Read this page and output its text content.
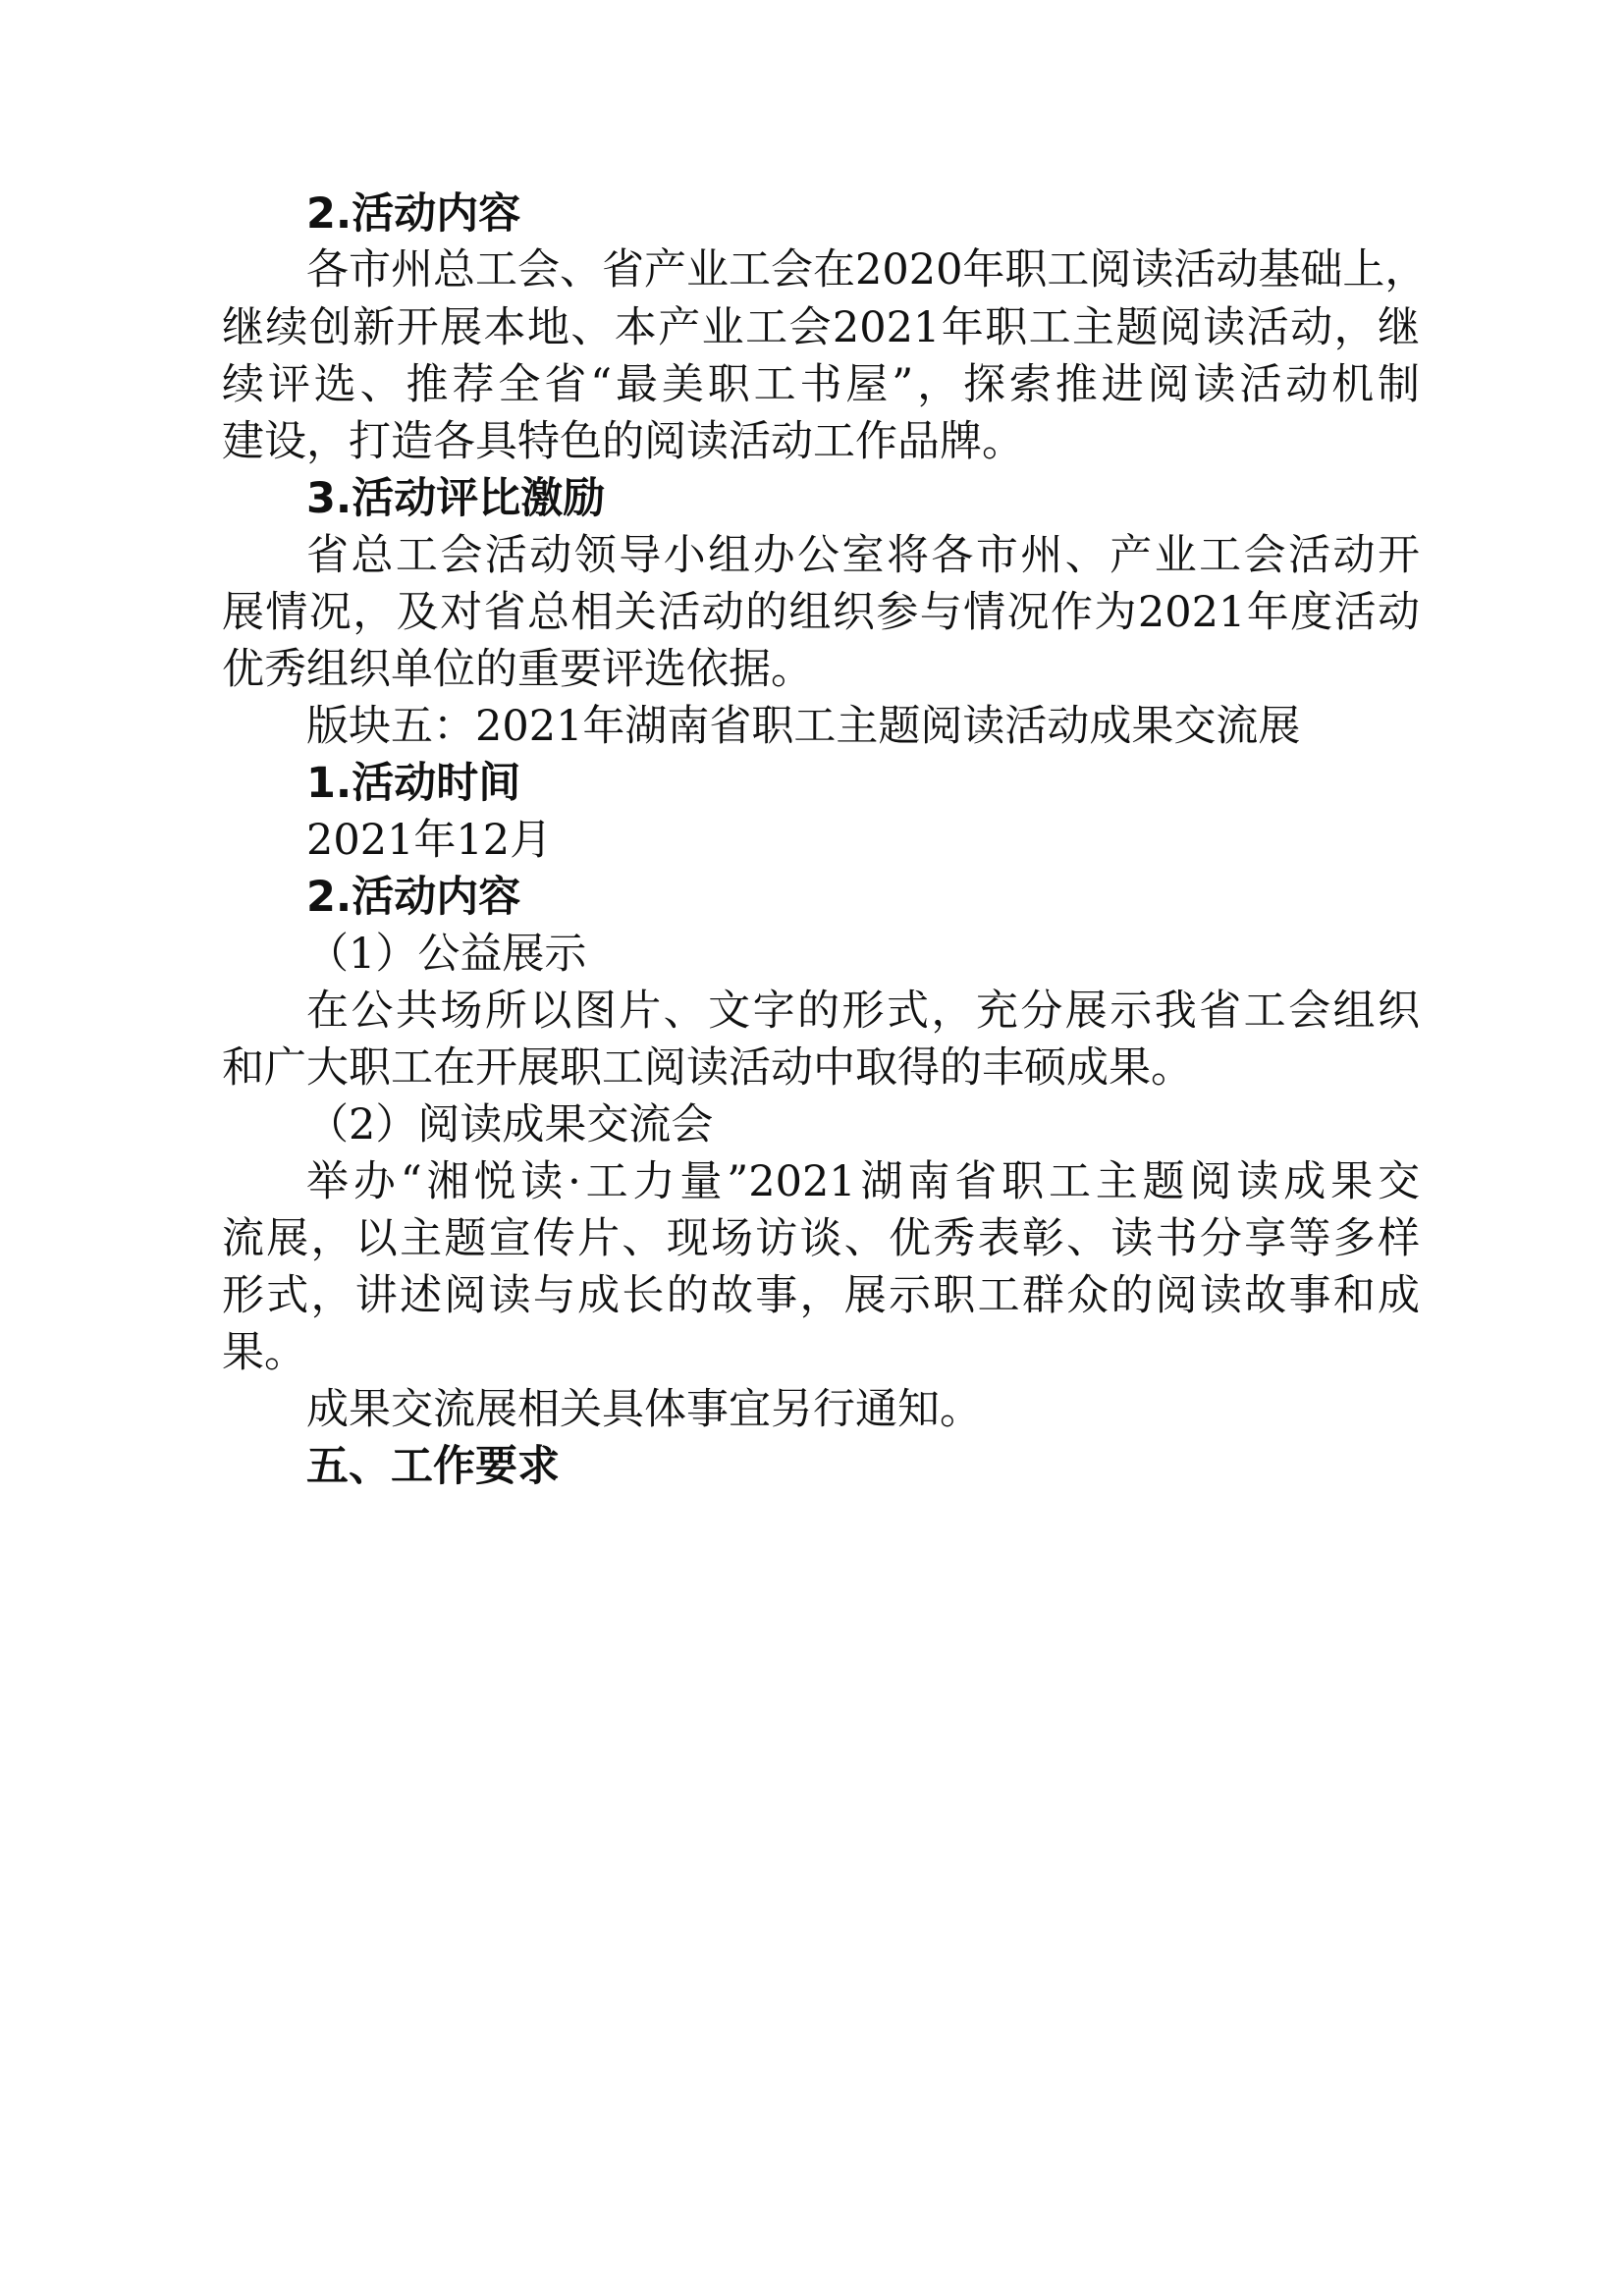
2.活动内容
各市州总工会、省产业工会在2020年职工阅读活动基础上，
继续创新开展本地、本产业工会2021年职工主题阅读活动，继
续评选、推荐全省“最美职工书屋”，探索推进阅读活动机制
建设，打造各具特色的阅读活动工作品牌。
3.活动评比激励
省总工会活动领导小组办公室将各市州、产业工会活动开
展情况，及对省总相关活动的组织参与情况作为2021年度活动
优秀组织单位的重要评选依据。
版块五：2021年湖南省职工主题阅读活动成果交流展
1.活动时间
2021年12月
2.活动内容
（1）公益展示
在公共场所以图片、文字的形式，充分展示我省工会组织
和广大职工在开展职工阅读活动中取得的丰硕成果。
（2）阅读成果交流会
举办“湘悦读·工力量”2021湖南省职工主题阅读成果交
流展，以主题宣传片、现场访谈、优秀表彰、读书分享等多样
形式，讲述阅读与成长的故事，展示职工群众的阅读故事和成
果。
成果交流展相关具体事宜另行通知。
五、工作要求
